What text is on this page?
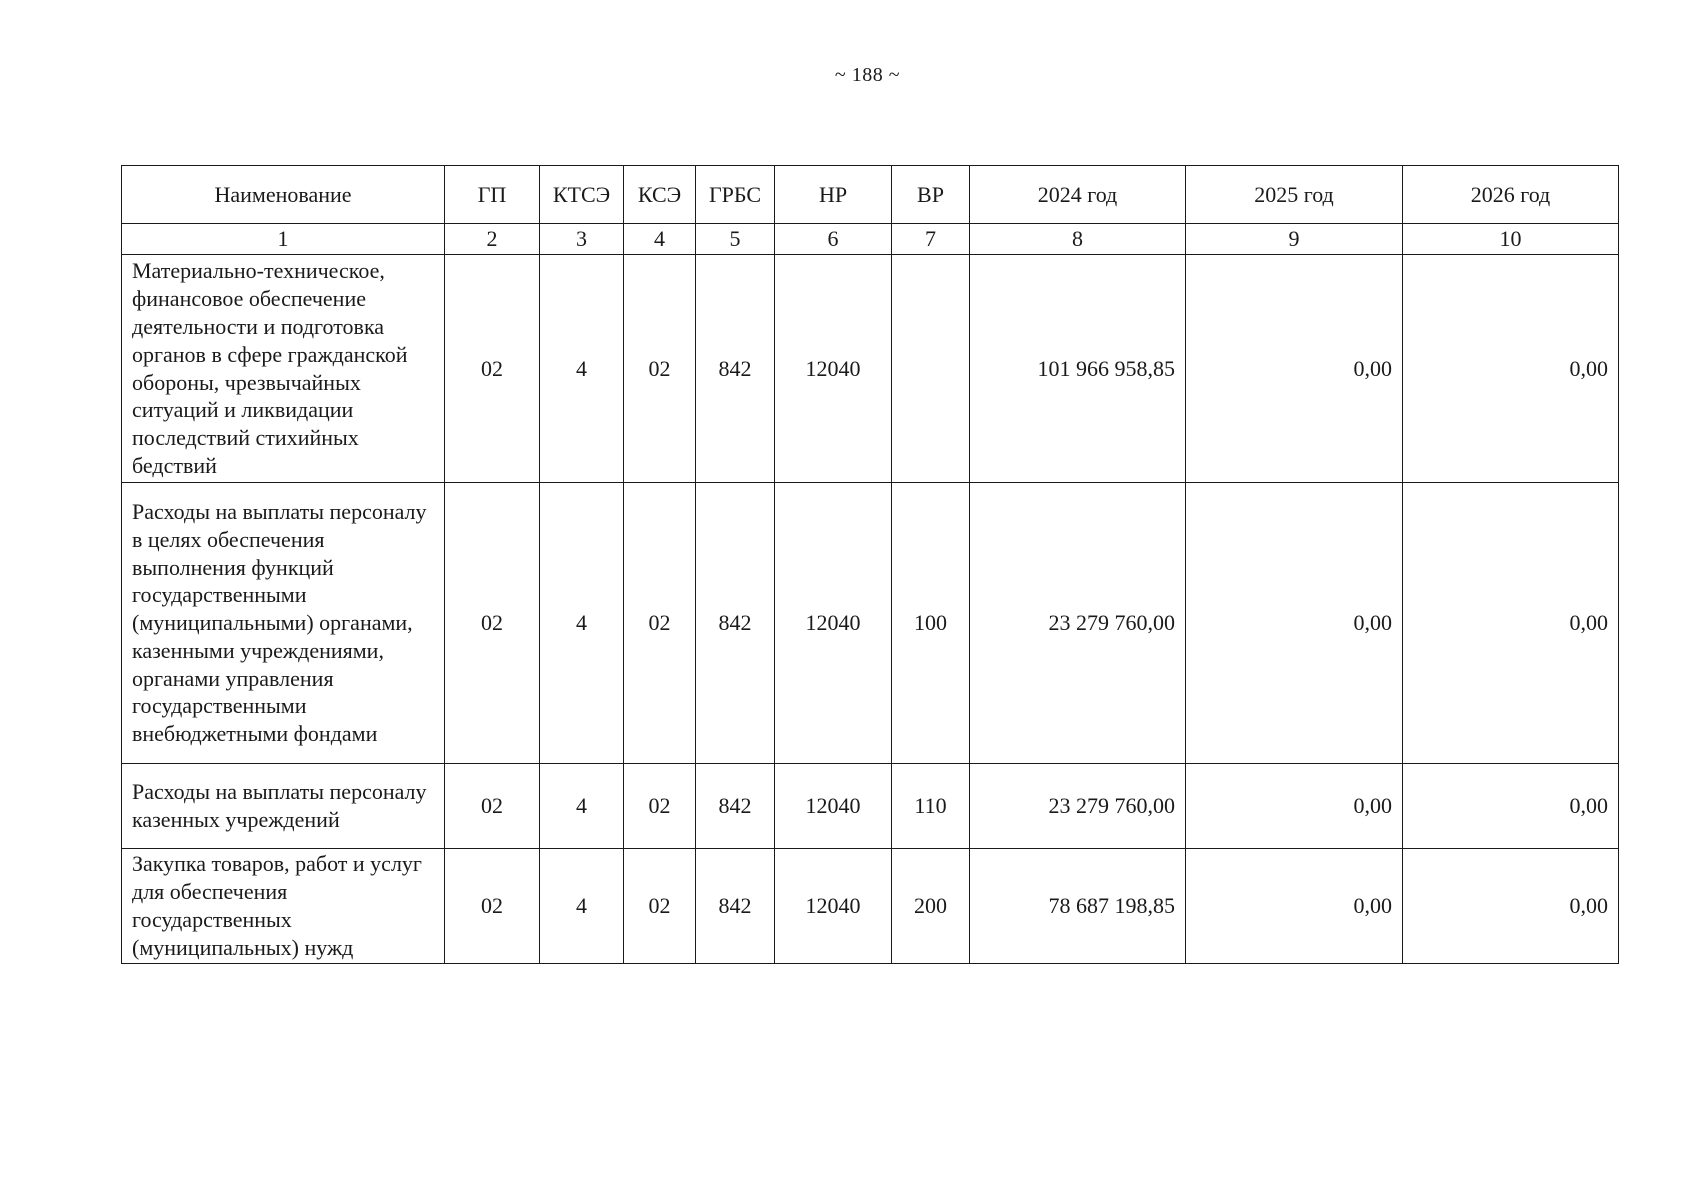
~ 188 ~
Наименование	ГП	КТСЭ	КСЭ	ГРБС	НР	ВР	2024 год	2025 год	2026 год
1	2	3	4	5	6	7	8	9	10
Материально-техническое, финансовое обеспечение деятельности и подготовка органов в сфере гражданской обороны, чрезвычайных ситуаций и ликвидации последствий стихийных бедствий	02	4	02	842	12040		101 966 958,85	0,00	0,00
Расходы на выплаты персоналу в целях обеспечения выполнения функций государственными (муниципальными) органами, казенными учреждениями, органами управления государственными внебюджетными фондами	02	4	02	842	12040	100	23 279 760,00	0,00	0,00
Расходы на выплаты персоналу казенных учреждений	02	4	02	842	12040	110	23 279 760,00	0,00	0,00
Закупка товаров, работ и услуг для обеспечения государственных (муниципальных) нужд	02	4	02	842	12040	200	78 687 198,85	0,00	0,00
